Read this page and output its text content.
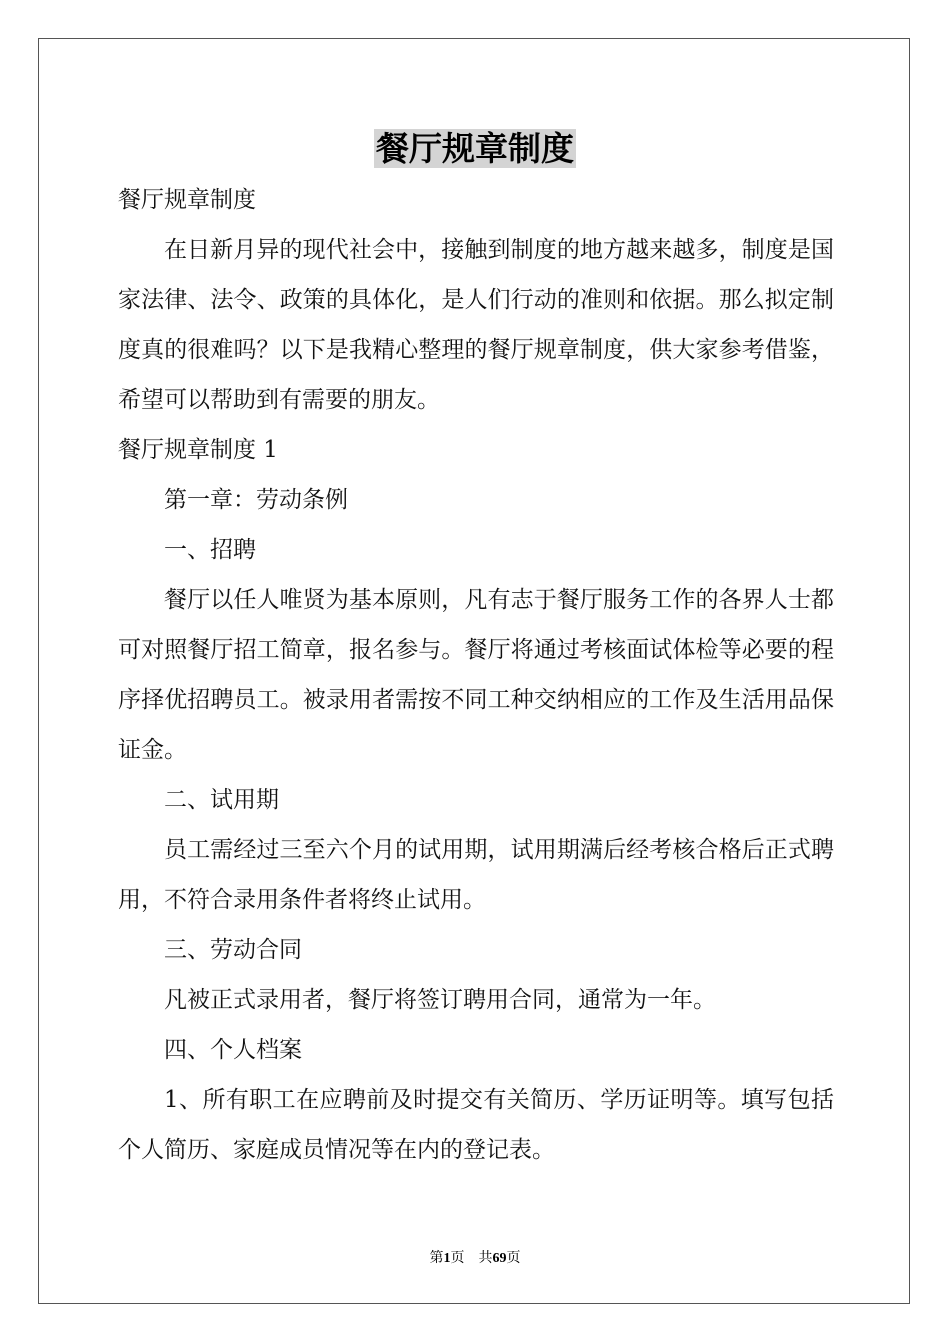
餐厅规章制度

餐厅规章制度

在日新月异的现代社会中，接触到制度的地方越来越多，制度是国家法律、法令、政策的具体化，是人们行动的准则和依据。那么拟定制度真的很难吗？以下是我精心整理的餐厅规章制度，供大家参考借鉴，希望可以帮助到有需要的朋友。

餐厅规章制度 1

第一章：劳动条例

一、招聘

餐厅以任人唯贤为基本原则，凡有志于餐厅服务工作的各界人士都可对照餐厅招工简章，报名参与。餐厅将通过考核面试体检等必要的程序择优招聘员工。被录用者需按不同工种交纳相应的工作及生活用品保证金。

二、试用期

员工需经过三至六个月的试用期，试用期满后经考核合格后正式聘用，不符合录用条件者将终止试用。

三、劳动合同

凡被正式录用者，餐厅将签订聘用合同，通常为一年。

四、个人档案

1、所有职工在应聘前及时提交有关简历、学历证明等。填写包括个人简历、家庭成员情况等在内的登记表。

第1页 共69页
